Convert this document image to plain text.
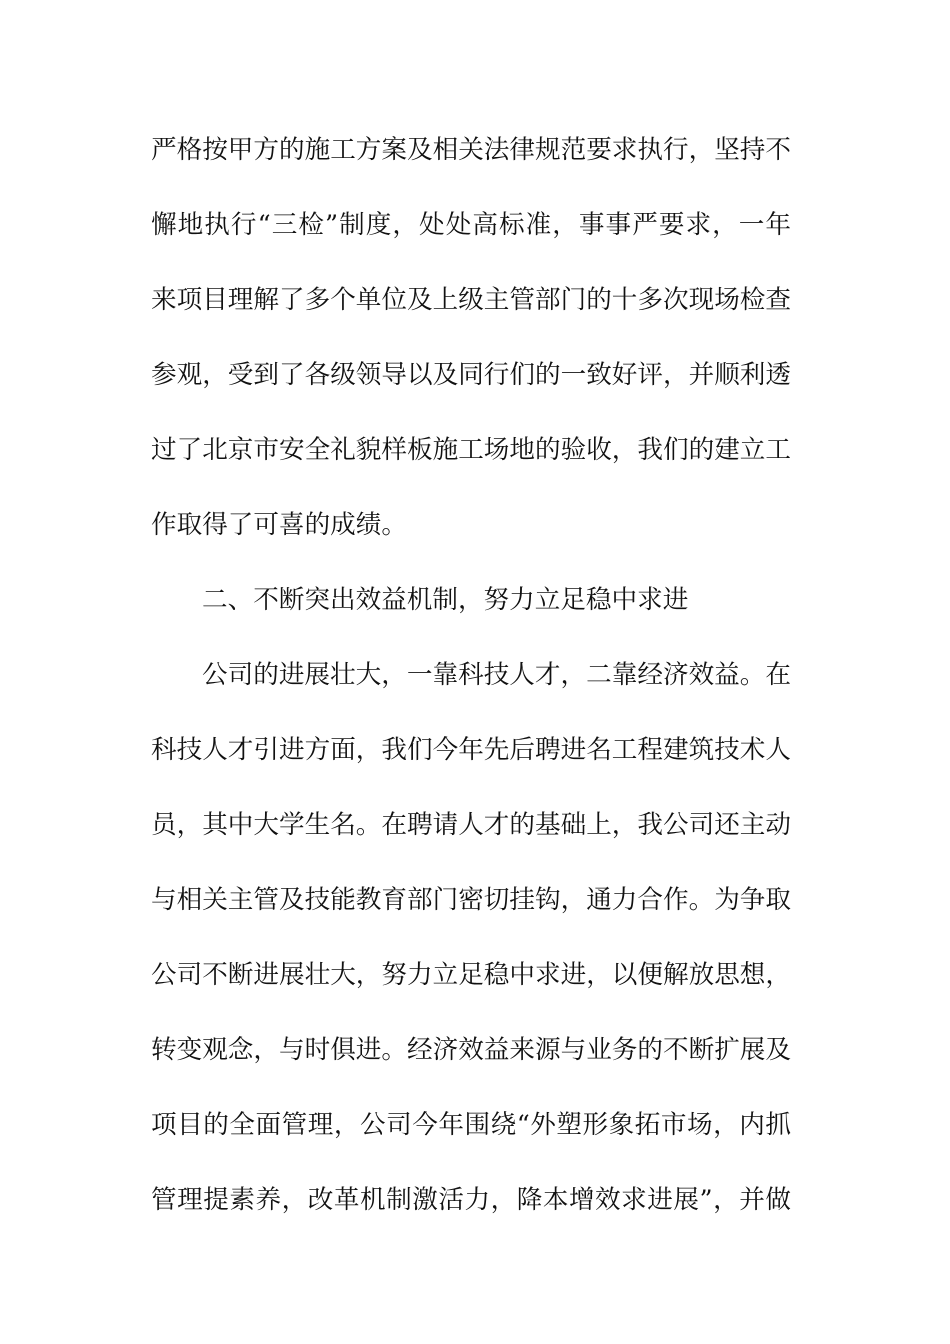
严格按甲方的施工方案及相关法律规范要求执行，坚持不
懈地执行“三检”制度，处处高标准，事事严要求，一年
来项目理解了多个单位及上级主管部门的十多次现场检查
参观，受到了各级领导以及同行们的一致好评，并顺利透
过了北京市安全礼貌样板施工场地的验收，我们的建立工
作取得了可喜的成绩。
二、不断突出效益机制，努力立足稳中求进
公司的进展壮大，一靠科技人才，二靠经济效益。在
科技人才引进方面，我们今年先后聘进名工程建筑技术人
员，其中大学生名。在聘请人才的基础上，我公司还主动
与相关主管及技能教育部门密切挂钩，通力合作。为争取
公司不断进展壮大，努力立足稳中求进，以便解放思想，
转变观念，与时俱进。经济效益来源与业务的不断扩展及
项目的全面管理，公司今年围绕“外塑形象拓市场，内抓
管理提素养，改革机制激活力，降本增效求进展”，并做
